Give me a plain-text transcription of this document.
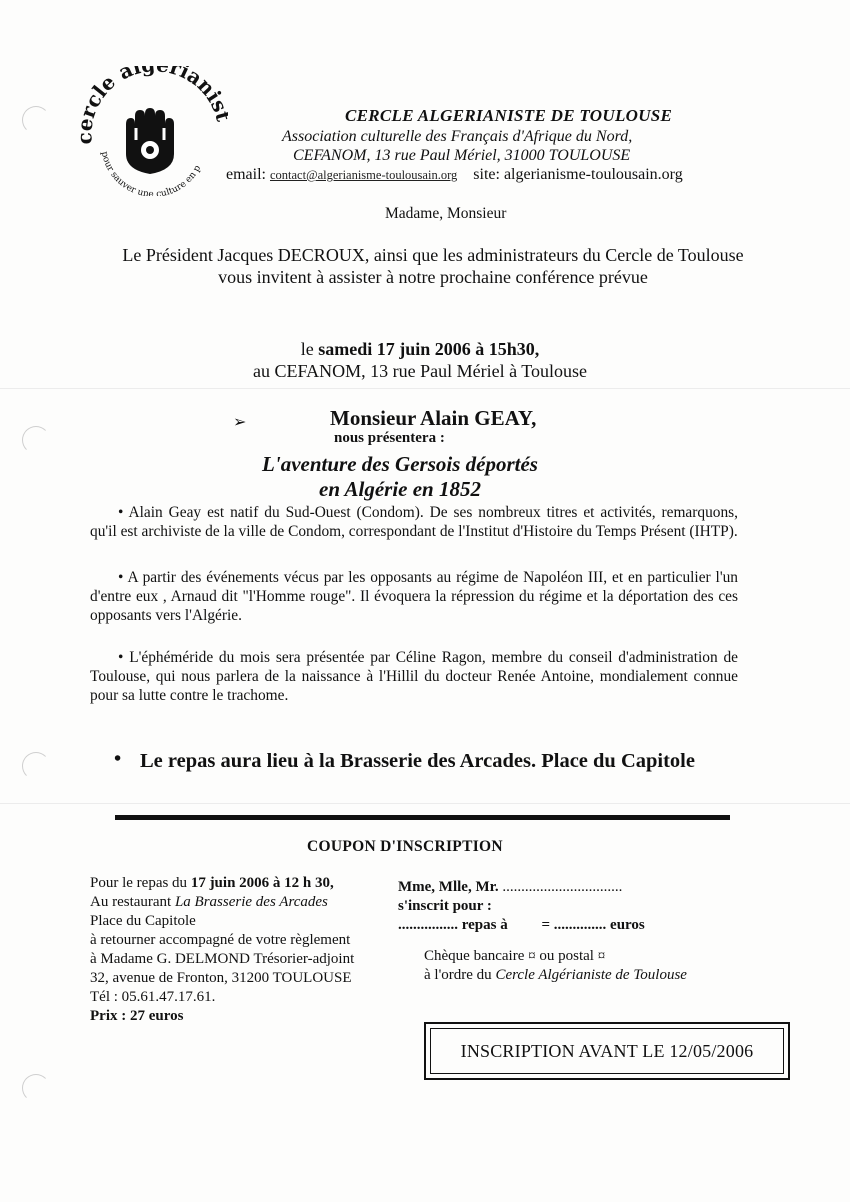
cle al riani
pour sauver une culture en p
CERCLE ALGERIANISTE DE TOULOUSE
Association culturelle des Français d'Afrique du Nord,
CEFANOM, 13 rue Paul Mériel, 31000 TOULOUSE
email: contact@algerianisme-toulousain.org site: algerianisme-toulousain.org
Madame, Monsieur
Le Président Jacques DECROUX, ainsi que les administrateurs du Cercle de Toulouse vous invitent à assister à notre prochaine conférence prévue
le samedi 17 juin 2006 à 15h30,
au CEFANOM, 13 rue Paul Mériel à Toulouse
➢	Monsieur Alain GEAY,
nous présentera :
L'aventure des Gersois déportés
en Algérie en 1852
• Alain Geay est natif du Sud-Ouest (Condom). De ses nombreux titres et activités, remarquons, qu'il est archiviste de la ville de Condom, correspondant de l'Institut d'Histoire du Temps Présent (IHTP).
• A partir des événements vécus par les opposants au régime de Napoléon III, et en particulier l'un d'entre eux , Arnaud dit "l'Homme rouge". Il évoquera la répression du régime et la déportation des ces opposants vers l'Algérie.
• L'éphéméride du mois sera présentée par Céline Ragon, membre du conseil d'administration de Toulouse, qui nous parlera de la naissance à l'Hillil du docteur Renée Antoine, mondialement connue pour sa lutte contre le trachome.
• Le repas aura lieu à la Brasserie des Arcades. Place du Capitole
COUPON D'INSCRIPTION
Pour le repas du 17 juin 2006 à 12 h 30,
Au restaurant La Brasserie des Arcades
Place du Capitole
à retourner accompagné de votre règlement
à Madame G. DELMOND Trésorier-adjoint
32, avenue de Fronton, 31200 TOULOUSE
Tél : 05.61.47.17.61.
Prix : 27 euros
Mme, Mlle, Mr. ................................
s'inscrit pour :
................ repas à = .............. euros
Chèque bancaire ¤ ou postal ¤
à l'ordre du Cercle Algérianiste de Toulouse
INSCRIPTION AVANT LE 12/05/2006
